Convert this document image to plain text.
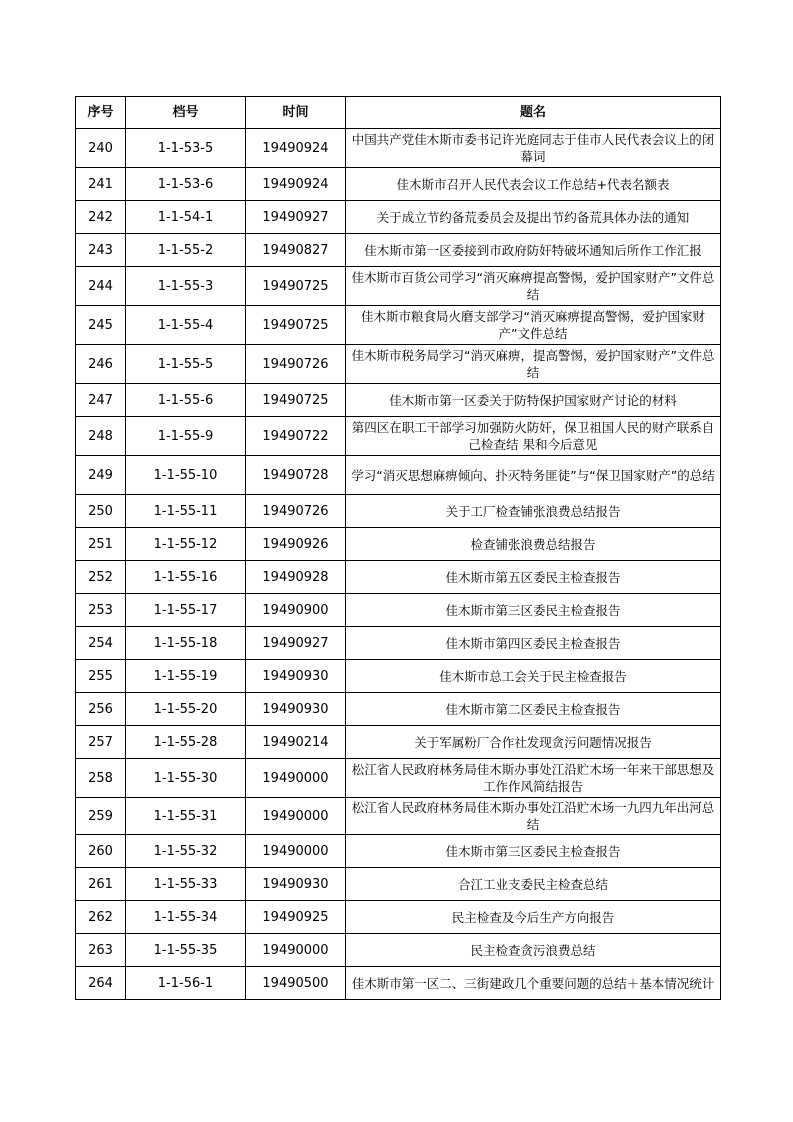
序号	档号	时间	题名
240	1-1-53-5	19490924	中国共产党佳木斯市委书记许光庭同志于佳市人民代表会议上的闭幕词
241	1-1-53-6	19490924	佳木斯市召开人民代表会议工作总结+代表名额表
242	1-1-54-1	19490927	关于成立节约备荒委员会及提出节约备荒具体办法的通知
243	1-1-55-2	19490827	佳木斯市第一区委接到市政府防奸特破坏通知后所作工作汇报
244	1-1-55-3	19490725	佳木斯市百货公司学习“消灭麻痹提高警惕，爱护国家财产”文件总结
245	1-1-55-4	19490725	佳木斯市粮食局火磨支部学习“消灭麻痹提高警惕，爱护国家财产”文件总结
246	1-1-55-5	19490726	佳木斯市税务局学习“消灭麻痹，提高警惕，爱护国家财产”文件总结
247	1-1-55-6	19490725	佳木斯市第一区委关于防特保护国家财产讨论的材料
248	1-1-55-9	19490722	第四区在职工干部学习加强防火防奸，保卫祖国人民的财产联系自己检查结 果和今后意见
249	1-1-55-10	19490728	学习“消灭思想麻痹倾向、扑灭特务匪徒”与“保卫国家财产”的总结
250	1-1-55-11	19490726	关于工厂检查铺张浪费总结报告
251	1-1-55-12	19490926	检查铺张浪费总结报告
252	1-1-55-16	19490928	佳木斯市第五区委民主检查报告
253	1-1-55-17	19490900	佳木斯市第三区委民主检查报告
254	1-1-55-18	19490927	佳木斯市第四区委民主检查报告
255	1-1-55-19	19490930	佳木斯市总工会关于民主检查报告
256	1-1-55-20	19490930	佳木斯市第二区委民主检查报告
257	1-1-55-28	19490214	关于军属粉厂合作社发现贪污问题情况报告
258	1-1-55-30	19490000	松江省人民政府林务局佳木斯办事处江沿贮木场一年来干部思想及工作作风简结报告
259	1-1-55-31	19490000	松江省人民政府林务局佳木斯办事处江沿贮木场一九四九年出河总结
260	1-1-55-32	19490000	佳木斯市第三区委民主检查报告
261	1-1-55-33	19490930	合江工业支委民主检查总结
262	1-1-55-34	19490925	民主检查及今后生产方向报告
263	1-1-55-35	19490000	民主检查贪污浪费总结
264	1-1-56-1	19490500	佳木斯市第一区二、三街建政几个重要问题的总结＋基本情况统计
